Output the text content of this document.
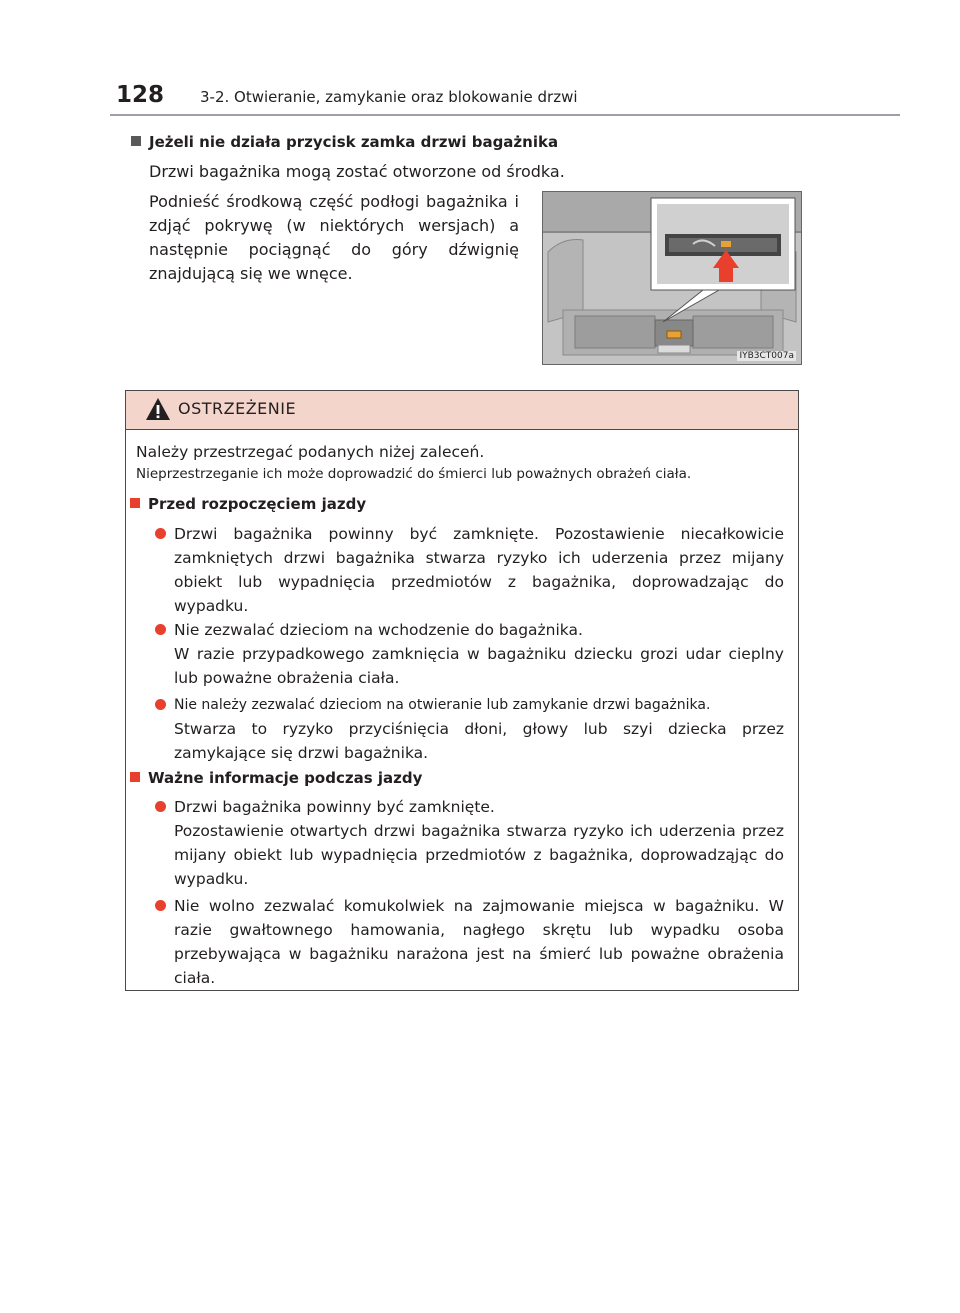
128 3-2. Otwieranie, zamykanie oraz blokowanie drzwi
Jeżeli nie działa przycisk zamka drzwi bagażnika
Drzwi bagażnika mogą zostać otworzone od środka.
Podnieść środkową część podłogi bagażnika i zdjąć pokrywę (w niektórych wersjach) a następnie pociągnąć do góry dźwignię znajdującą się we wnęce.
IYB3CT007a
OSTRZEŻENIE
Należy przestrzegać podanych niżej zaleceń.
Nieprzestrzeganie ich może doprowadzić do śmierci lub poważnych obrażeń ciała.
Przed rozpoczęciem jazdy
Drzwi bagażnika powinny być zamknięte. Pozostawienie niecałkowicie zamkniętych drzwi bagażnika stwarza ryzyko ich uderzenia przez mijany obiekt lub wypadnięcia przedmiotów z bagażnika, doprowadzając do wypadku.
Nie zezwalać dzieciom na wchodzenie do bagażnika.
W razie przypadkowego zamknięcia w bagażniku dziecku grozi udar cieplny lub poważne obrażenia ciała.
Nie należy zezwalać dzieciom na otwieranie lub zamykanie drzwi bagażnika.
Stwarza to ryzyko przyciśnięcia dłoni, głowy lub szyi dziecka przez zamykające się drzwi bagażnika.
Ważne informacje podczas jazdy
Drzwi bagażnika powinny być zamknięte.
Pozostawienie otwartych drzwi bagażnika stwarza ryzyko ich uderzenia przez mijany obiekt lub wypadnięcia przedmiotów z bagażnika, doprowadząjąc do wypadku.
Nie wolno zezwalać komukolwiek na zajmowanie miejsca w bagażniku. W razie gwałtownego hamowania, nagłego skrętu lub wypadku osoba przebywająca w bagażniku narażona jest na śmierć lub poważne obrażenia ciała.
